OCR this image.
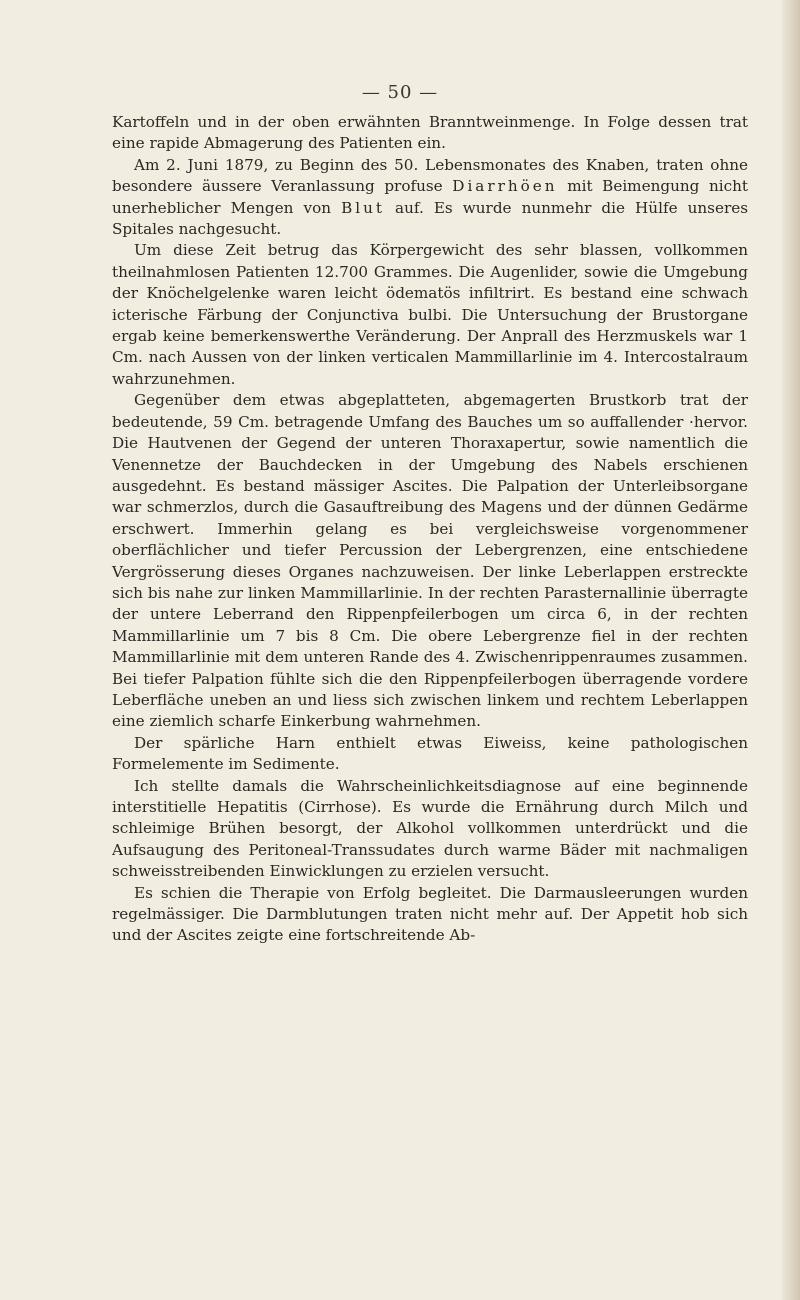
— 50 —

Kartoffeln und in der oben erwähnten Branntweinmenge. In Folge dessen trat eine rapide Abmagerung des Patienten ein.

Am 2. Juni 1879, zu Beginn des 50. Lebensmonates des Knaben, traten ohne besondere äussere Veranlassung profuse Diarrhöen mit Beimengung nicht unerheblicher Mengen von Blut auf. Es wurde nunmehr die Hülfe unseres Spitales nachgesucht.

Um diese Zeit betrug das Körpergewicht des sehr blassen, vollkommen theilnahmlosen Patienten 12.700 Grammes. Die Augenlider, sowie die Umgebung der Knöchelgelenke waren leicht ödematös infiltrirt. Es bestand eine schwach icterische Färbung der Conjunctiva bulbi. Die Untersuchung der Brustorgane ergab keine bemerkenswerthe Veränderung. Der Anprall des Herzmuskels war 1 Cm. nach Aussen von der linken verticalen Mammillarlinie im 4. Intercostalraum wahrzunehmen.

Gegenüber dem etwas abgeplatteten, abgemagerten Brustkorb trat der bedeutende, 59 Cm. betragende Umfang des Bauches um so auffallender ·hervor. Die Hautvenen der Gegend der unteren Thoraxapertur, sowie namentlich die Venennetze der Bauchdecken in der Umgebung des Nabels erschienen ausgedehnt. Es bestand mässiger Ascites. Die Palpation der Unterleibsorgane war schmerzlos, durch die Gasauftreibung des Magens und der dünnen Gedärme erschwert. Immerhin gelang es bei vergleichsweise vorgenommener oberflächlicher und tiefer Percussion der Lebergrenzen, eine entschiedene Vergrösserung dieses Organes nachzuweisen. Der linke Leberlappen erstreckte sich bis nahe zur linken Mammillarlinie. In der rechten Parasternallinie überragte der untere Leberrand den Rippenpfeilerbogen um circa 6, in der rechten Mammillarlinie um 7 bis 8 Cm. Die obere Lebergrenze fiel in der rechten Mammillarlinie mit dem unteren Rande des 4. Zwischenrippenraumes zusammen. Bei tiefer Palpation fühlte sich die den Rippenpfeilerbogen überragende vordere Leberfläche uneben an und liess sich zwischen linkem und rechtem Leberlappen eine ziemlich scharfe Einkerbung wahrnehmen.

Der spärliche Harn enthielt etwas Eiweiss, keine pathologischen Formelemente im Sedimente.

Ich stellte damals die Wahrscheinlichkeitsdiagnose auf eine beginnende interstitielle Hepatitis (Cirrhose). Es wurde die Ernährung durch Milch und schleimige Brühen besorgt, der Alkohol vollkommen unterdrückt und die Aufsaugung des Peritoneal-Transsudates durch warme Bäder mit nachmaligen schweisstreibenden Einwicklungen zu erzielen versucht.

Es schien die Therapie von Erfolg begleitet. Die Darmausleerungen wurden regelmässiger. Die Darmblutungen traten nicht mehr auf. Der Appetit hob sich und der Ascites zeigte eine fortschreitende Ab-
